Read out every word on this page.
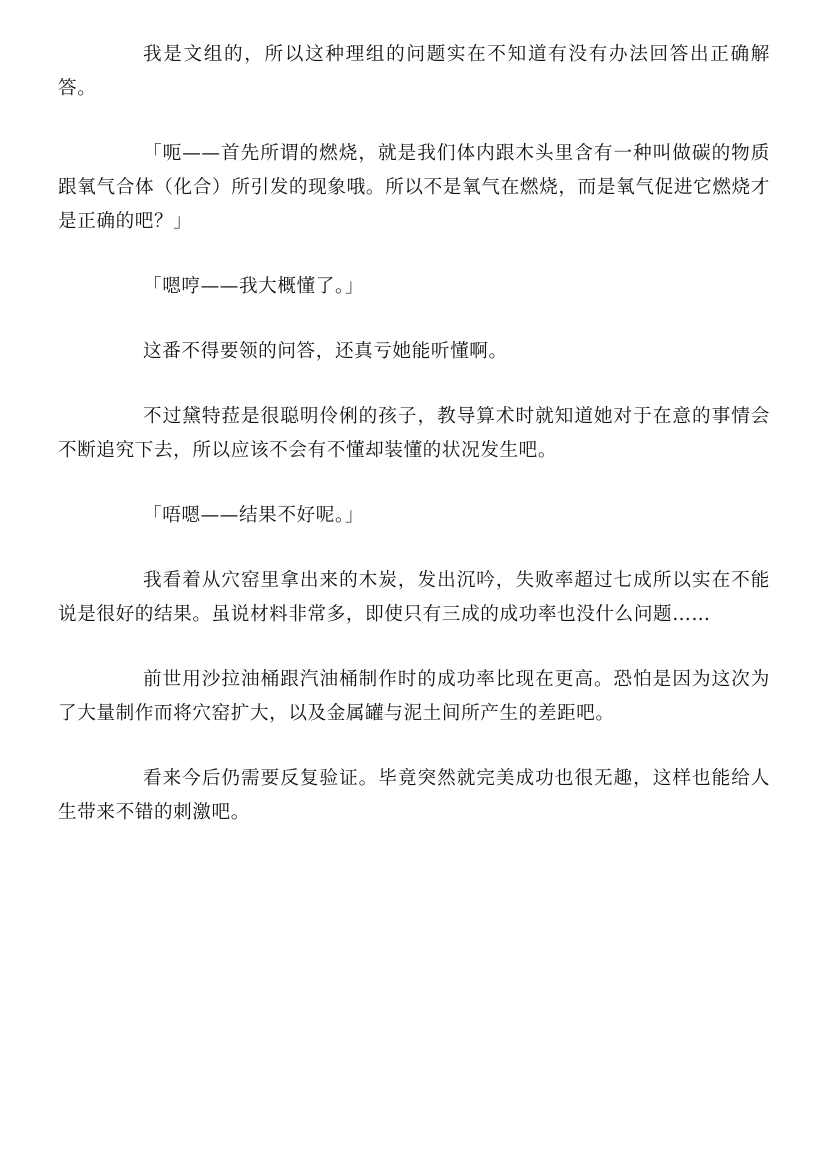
我是文组的，所以这种理组的问题实在不知道有没有办法回答出正确解答。

「呃——首先所谓的燃烧，就是我们体内跟木头里含有一种叫做碳的物质跟氧气合体（化合）所引发的现象哦。所以不是氧气在燃烧，而是氧气促进它燃烧才是正确的吧？」

「嗯哼——我大概懂了。」

这番不得要领的问答，还真亏她能听懂啊。

不过黛特菈是很聪明伶俐的孩子，教导算术时就知道她对于在意的事情会不断追究下去，所以应该不会有不懂却装懂的状况发生吧。

「唔嗯——结果不好呢。」

我看着从穴窑里拿出来的木炭，发出沉吟，失败率超过七成所以实在不能说是很好的结果。虽说材料非常多，即使只有三成的成功率也没什么问题……

前世用沙拉油桶跟汽油桶制作时的成功率比现在更高。恐怕是因为这次为了大量制作而将穴窑扩大，以及金属罐与泥土间所产生的差距吧。

看来今后仍需要反复验证。毕竟突然就完美成功也很无趣，这样也能给人生带来不错的刺激吧。
